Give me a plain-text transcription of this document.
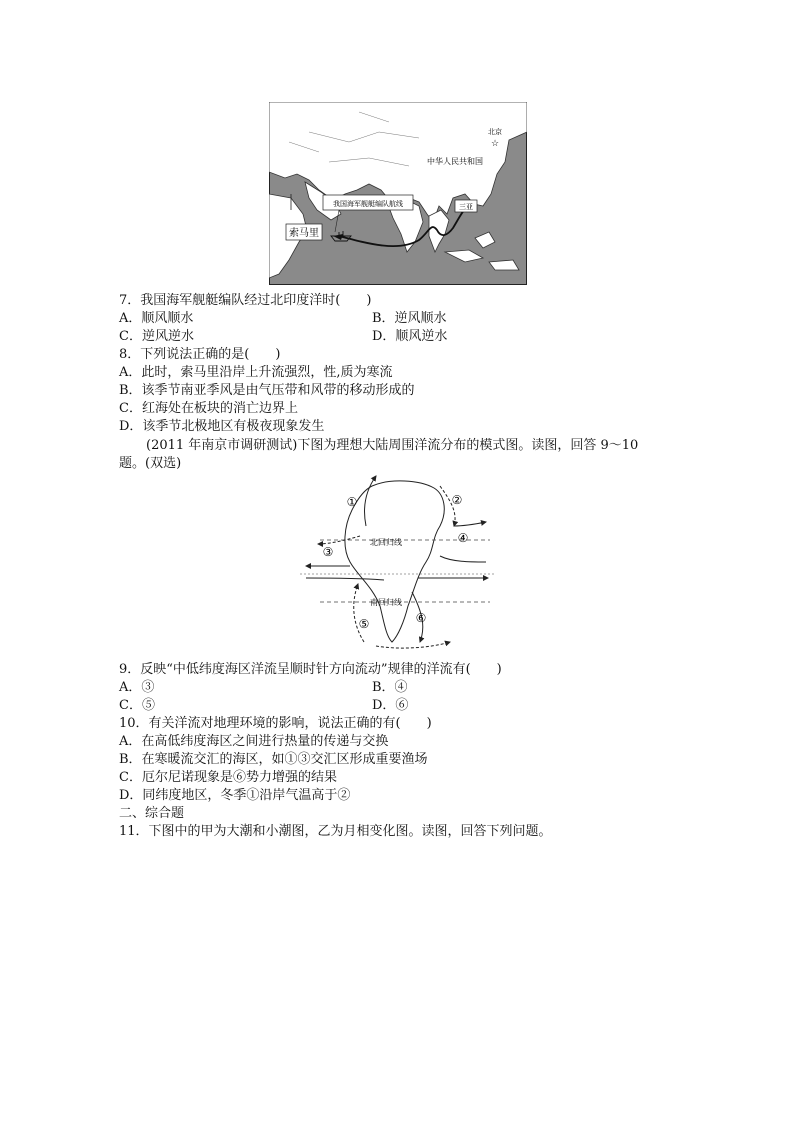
我国海军舰艇编队航线
索马里
中华人民共和国
北京
☆
三亚
7．我国海军舰艇编队经过北印度洋时(　　)
A．顺风顺水	B．逆风顺水
C．逆风逆水	D．顺风逆水
8．下列说法正确的是(　　)
A．此时，索马里沿岸上升流强烈，性,质为寒流
B．该季节南亚季风是由气压带和风带的移动形成的
C．红海处在板块的消亡边界上
D．该季节北极地区有极夜现象发生
(2011 年南京市调研测试)下图为理想大陆周围洋流分布的模式图。读图，回答 9～10
题。(双选)
北回归线
南回归线
①	②
③
④
⑤	⑥
9．反映“中低纬度海区洋流呈顺时针方向流动”规律的洋流有(　　)
A．③	B．④
C．⑤	D．⑥
10．有关洋流对地理环境的影响，说法正确的有(　　)
A．在高低纬度海区之间进行热量的传递与交换
B．在寒暖流交汇的海区，如①③交汇区形成重要渔场
C．厄尔尼诺现象是⑥势力增强的结果
D．同纬度地区，冬季①沿岸气温高于②
二、综合题
11．下图中的甲为大潮和小潮图，乙为月相变化图。读图，回答下列问题。
